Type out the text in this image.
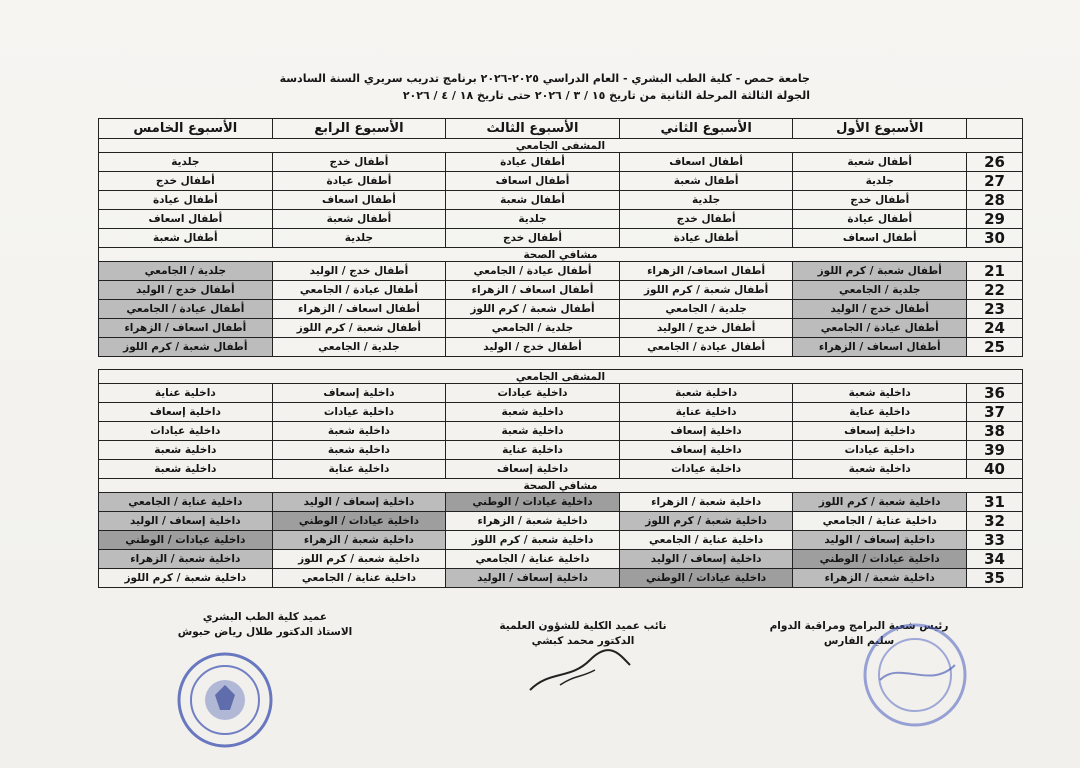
جامعة حمص - كلية الطب البشري - العام الدراسي ٢٠٢٥-٢٠٢٦ برنامج تدريب سريري السنة السادسة
الجولة الثالثة المرحلة الثانية من تاريخ ١٥ / ٣ / ٢٠٢٦ حتى تاريخ ١٨ / ٤ / ٢٠٢٦
	الأسبوع الأول	الأسبوع الثاني	الأسبوع الثالث	الأسبوع الرابع	الأسبوع الخامس
المشفى الجامعي					
26	أطفال شعبة	أطفال اسعاف	أطفال عيادة	أطفال خدج	جلدية
27	جلدية	أطفال شعبة	أطفال اسعاف	أطفال عيادة	أطفال خدج
28	أطفال خدج	جلدية	أطفال شعبة	أطفال اسعاف	أطفال عيادة
29	أطفال عيادة	أطفال خدج	جلدية	أطفال شعبة	أطفال اسعاف
30	أطفال اسعاف	أطفال عيادة	أطفال خدج	جلدية	أطفال شعبة
مشافي الصحة					
21	أطفال شعبة / كرم اللوز	أطفال اسعاف/ الزهراء	أطفال عيادة / الجامعي	أطفال خدج / الوليد	جلدية / الجامعي
22	جلدية / الجامعي	أطفال شعبة / كرم اللوز	أطفال اسعاف / الزهراء	أطفال عيادة / الجامعي	أطفال خدج / الوليد
23	أطفال خدج / الوليد	جلدية / الجامعي	أطفال شعبة / كرم اللوز	أطفال اسعاف / الزهراء	أطفال عيادة / الجامعي
24	أطفال عيادة / الجامعي	أطفال خدج / الوليد	جلدية / الجامعي	أطفال شعبة / كرم اللوز	أطفال اسعاف / الزهراء
25	أطفال اسعاف / الزهراء	أطفال عيادة / الجامعي	أطفال خدج / الوليد	جلدية / الجامعي	أطفال شعبة / كرم اللوز

المشفى الجامعي					
36	داخلية شعبة	داخلية شعبة	داخلية عيادات	داخلية إسعاف	داخلية عناية
37	داخلية عناية	داخلية عناية	داخلية شعبة	داخلية عيادات	داخلية إسعاف
38	داخلية إسعاف	داخلية إسعاف	داخلية شعبة	داخلية شعبة	داخلية عيادات
39	داخلية عيادات	داخلية إسعاف	داخلية عناية	داخلية شعبة	داخلية شعبة
40	داخلية شعبة	داخلية عيادات	داخلية إسعاف	داخلية عناية	داخلية شعبة
مشافي الصحة					
31	داخلية شعبة / كرم اللوز	داخلية شعبة / الزهراء	داخلية عيادات / الوطني	داخلية إسعاف / الوليد	داخلية عناية / الجامعي
32	داخلية عناية / الجامعي	داخلية شعبة / كرم اللوز	داخلية شعبة / الزهراء	داخلية عيادات / الوطني	داخلية إسعاف / الوليد
33	داخلية إسعاف / الوليد	داخلية عناية / الجامعي	داخلية شعبة / كرم اللوز	داخلية شعبة / الزهراء	داخلية عيادات / الوطني
34	داخلية عيادات / الوطني	داخلية إسعاف / الوليد	داخلية عناية / الجامعي	داخلية شعبة / كرم اللوز	داخلية شعبة / الزهراء
35	داخلية شعبة / الزهراء	داخلية عيادات / الوطني	داخلية إسعاف / الوليد	داخلية عناية / الجامعي	داخلية شعبة / كرم اللوز
رئيس شعبة البرامج ومراقبة الدوام
سليم الفارس
نائب عميد الكلية للشؤون العلمية
الدكتور محمد كبشي
عميد كلية الطب البشري
الاستاذ الدكتور طلال رياض حبوش
